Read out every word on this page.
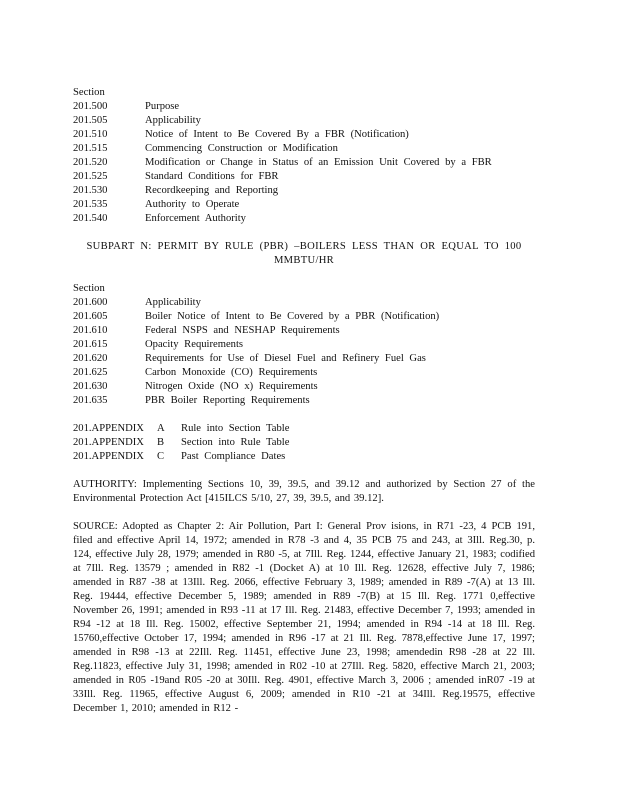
Section
201.500	Purpose
201.505	Applicability
201.510	Notice of Intent to Be Covered By a FBR (Notification)
201.515	Commencing Construction or Modification
201.520	Modification or Change in Status of an Emission Unit Covered by a FBR
201.525	Standard Conditions for FBR
201.530	Recordkeeping and Reporting
201.535	Authority to Operate
201.540	Enforcement Authority
SUBPART N: PERMIT BY RULE (PBR) –BOILERS LESS THAN OR EQUAL TO 100 MMBTU/HR
Section
201.600	Applicability
201.605	Boiler Notice of Intent to Be Covered by a PBR (Notification)
201.610	Federal NSPS and NESHAP Requirements
201.615	Opacity Requirements
201.620	Requirements for Use of Diesel Fuel and Refinery Fuel Gas
201.625	Carbon Monoxide (CO) Requirements
201.630	Nitrogen Oxide (NO x) Requirements
201.635	PBR Boiler Reporting Requirements
201.APPENDIX	A	Rule into Section Table
201.APPENDIX	B	Section into Rule Table
201.APPENDIX	C	Past Compliance Dates
AUTHORITY: Implementing Sections 10, 39, 39.5, and 39.12 and authorized by Section 27 of the Environmental Protection Act [415ILCS 5/10, 27, 39, 39.5, and 39.12].
SOURCE: Adopted as Chapter 2: Air Pollution, Part I: General Prov isions, in R71 -23, 4 PCB 191, filed and effective April 14, 1972; amended in R78 -3 and 4, 35 PCB 75 and 243, at 3Ill. Reg.30, p. 124, effective July 28, 1979; amended in R80 -5, at 7Ill. Reg. 1244, effective January 21, 1983; codified at 7Ill. Reg. 13579 ; amended in R82 -1 (Docket A) at 10 Ill. Reg. 12628, effective July 7, 1986; amended in R87 -38 at 13Ill. Reg. 2066, effective February 3, 1989; amended in R89 -7(A) at 13 Ill. Reg. 19444, effective December 5, 1989; amended in R89 -7(B) at 15 Ill. Reg. 1771 0,effective November 26, 1991; amended in R93 -11 at 17 Ill. Reg. 21483, effective December 7, 1993; amended in R94 -12 at 18 Ill. Reg. 15002, effective September 21, 1994; amended in R94 -14 at 18 Ill. Reg. 15760,effective October 17, 1994; amended in R96 -17 at 21 Ill. Reg. 7878,effective June 17, 1997; amended in R98 -13 at 22Ill. Reg. 11451, effective June 23, 1998; amendedin R98 -28 at 22 Ill. Reg.11823, effective July 31, 1998; amended in R02 -10 at 27Ill. Reg. 5820, effective March 21, 2003; amended in R05 -19and R05 -20 at 30Ill. Reg. 4901, effective March 3, 2006 ; amended inR07 -19 at 33Ill. Reg. 11965, effective August 6, 2009; amended in R10 -21 at 34Ill. Reg.19575, effective December 1, 2010; amended in R12 -
